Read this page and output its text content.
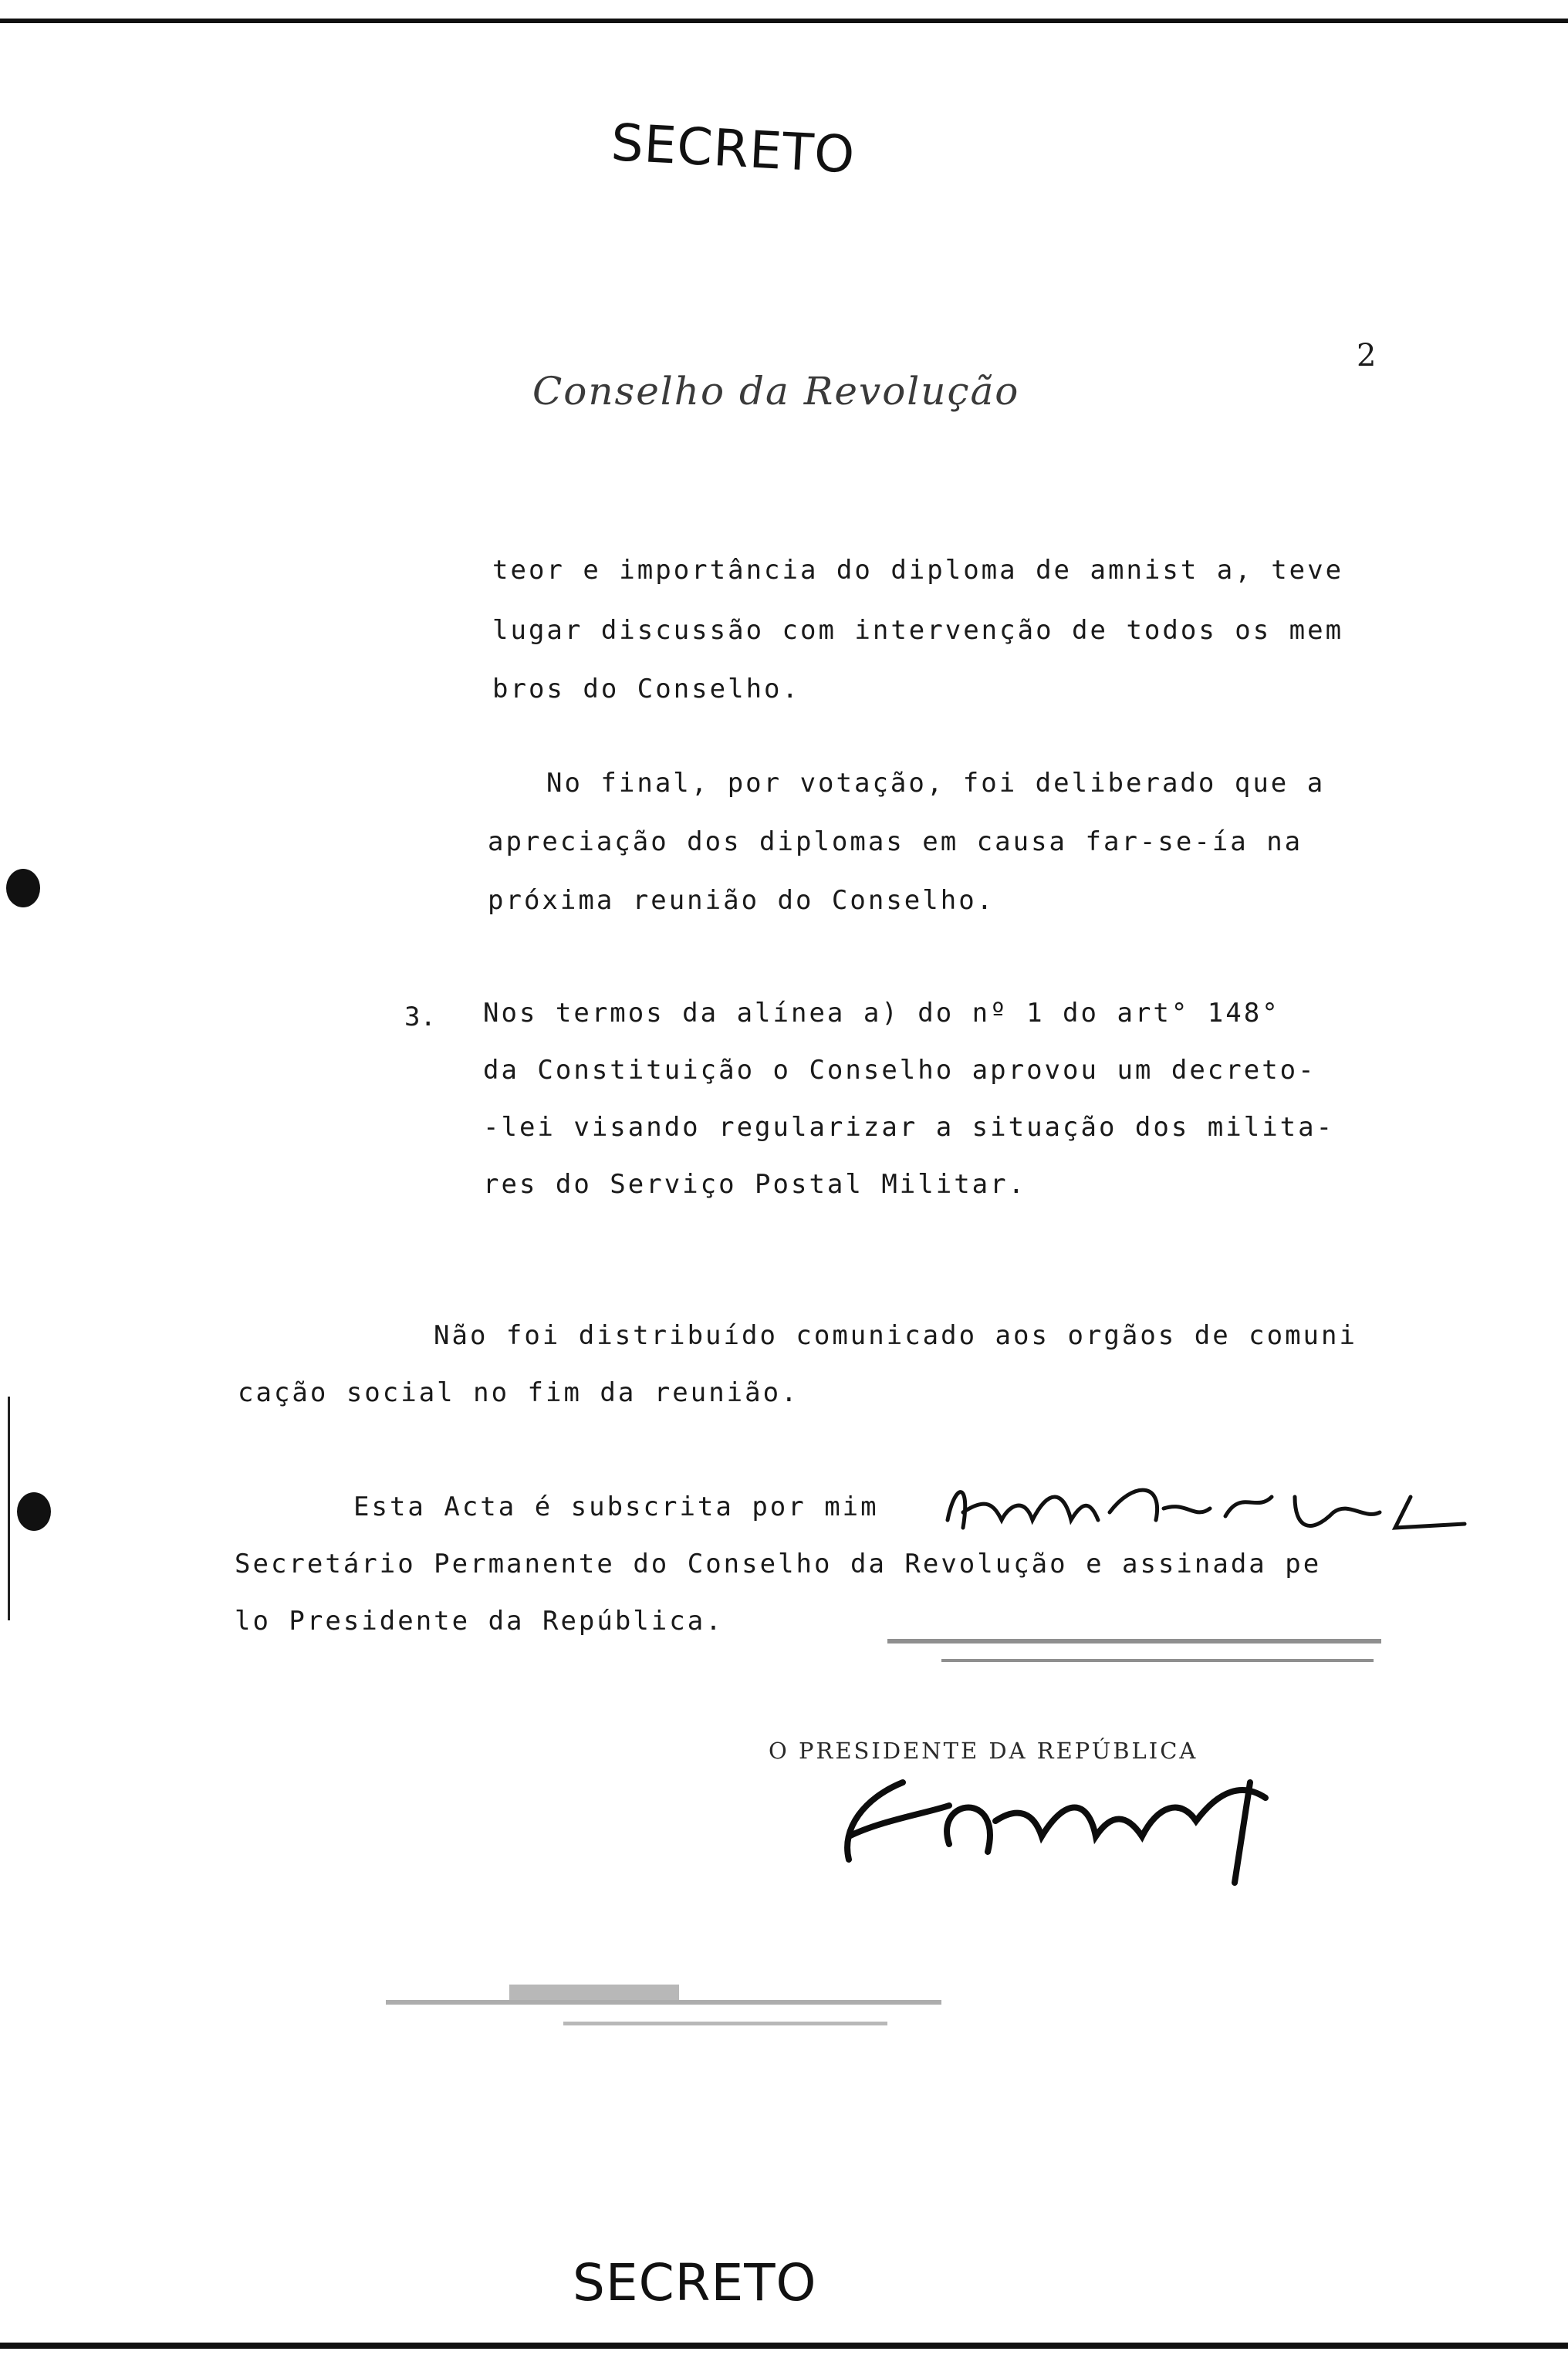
SECRETO
2
Conselho da Revolução
teor e importância do diploma de amnist a, teve
lugar discussão com intervenção de todos os mem
bros do Conselho.
No final, por votação, foi deliberado que a
apreciação dos diplomas em causa far-se-ía na
próxima reunião do Conselho.
3. Nos termos da alínea a) do nº 1 do art° 148°
da Constituição o Conselho aprovou um decreto-
-lei visando regularizar a situação dos milita-
res do Serviço Postal Militar.
Não foi distribuído comunicado aos orgãos de comuni
cação social no fim da reunião.
Esta Acta é subscrita por mim
Secretário Permanente do Conselho da Revolução e assinada pe
lo Presidente da República.
O PRESIDENTE DA REPÚBLICA
SECRETO
